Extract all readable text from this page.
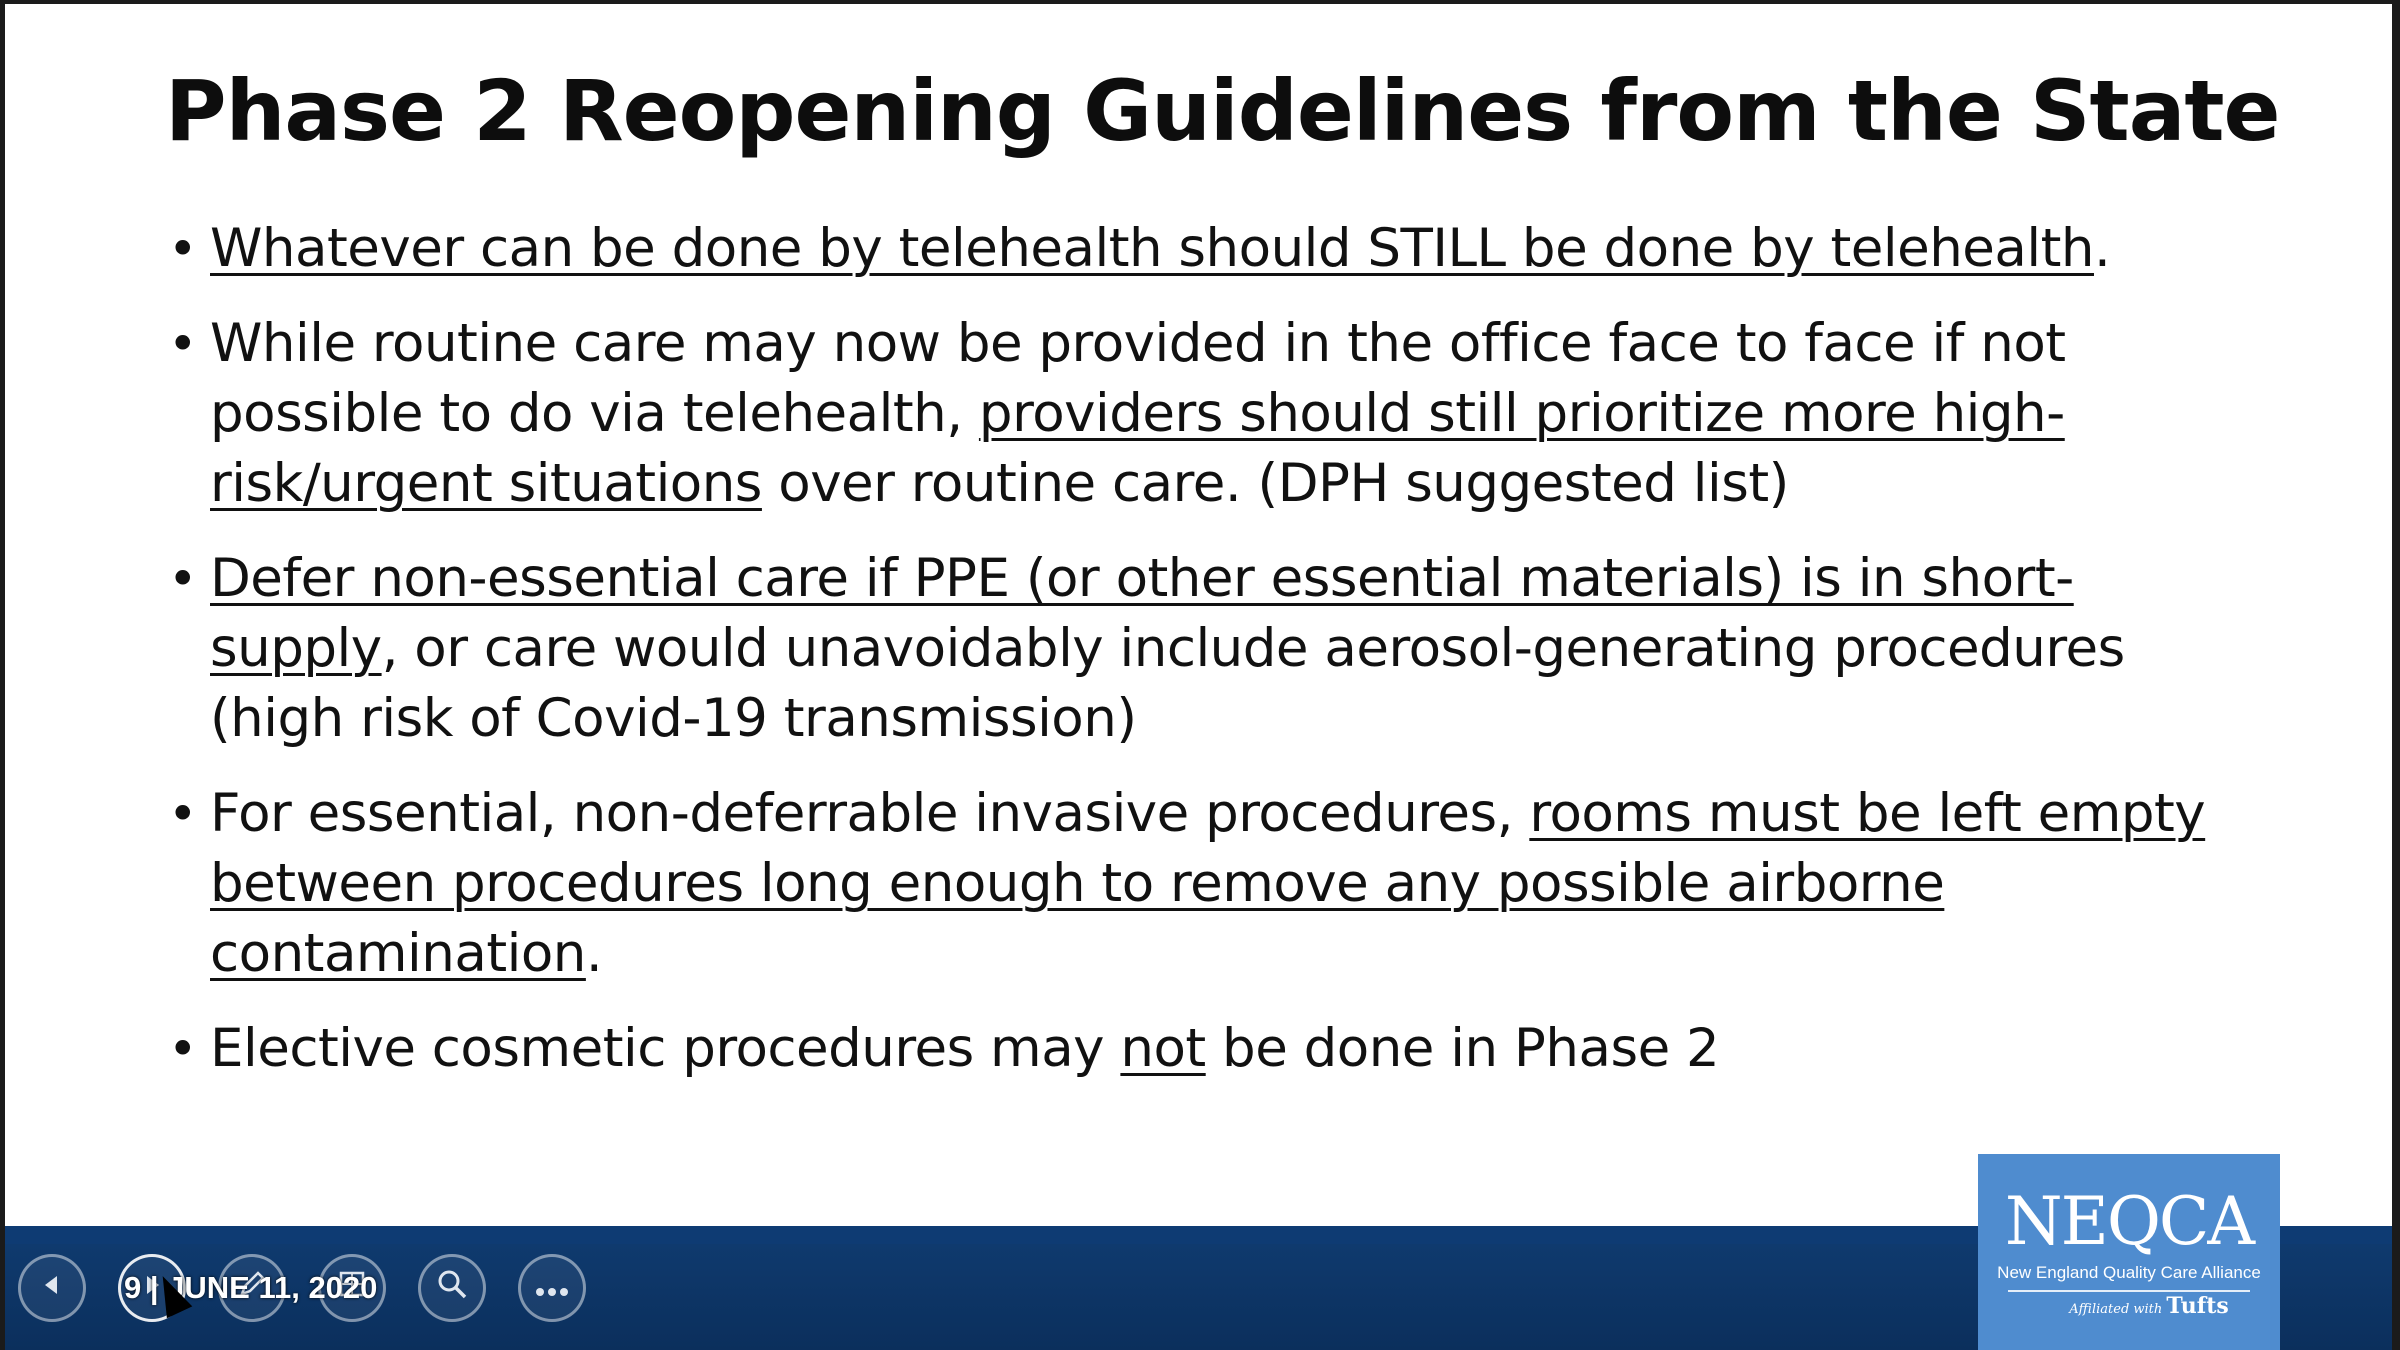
Phase 2 Reopening Guidelines from the State
• Whatever can be done by telehealth should STILL be done by telehealth.
• While routine care may now be provided in the office face to face if not
possible to do via telehealth, providers should still prioritize more high-
risk/urgent situations over routine care. (DPH suggested list)
• Defer non-essential care if PPE (or other essential materials) is in short-
supply, or care would unavoidably include aerosol-generating procedures
(high risk of Covid-19 transmission)
• For essential, non-deferrable invasive procedures, rooms must be left empty
between procedures long enough to remove any possible airborne
contamination.
• Elective cosmetic procedures may not be done in Phase 2
NEQCA
New England Quality Care Alliance
Affiliated with Tufts
9 | JUNE 11, 2020
